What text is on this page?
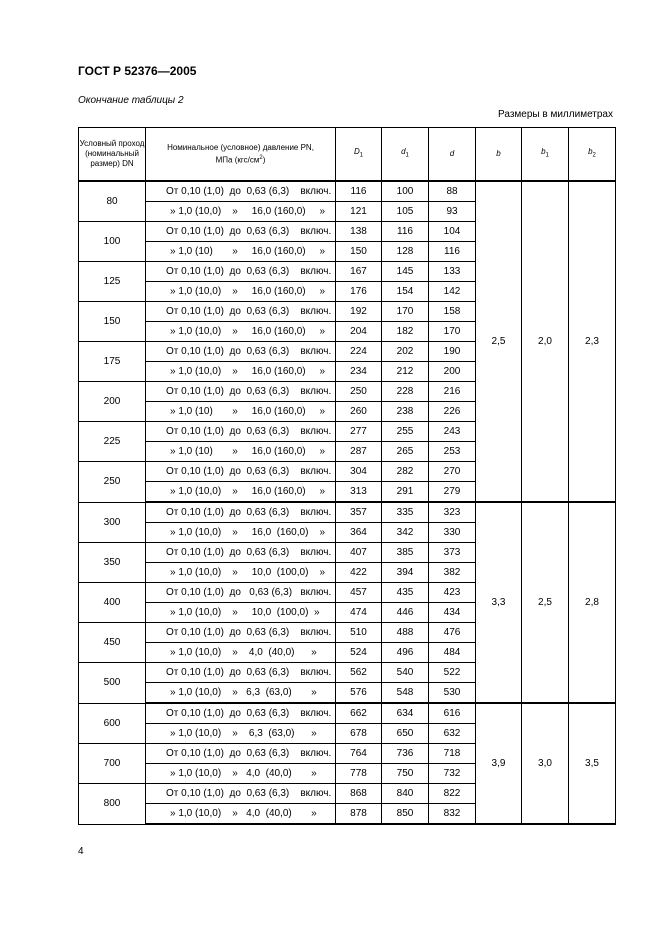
ГОСТ Р 52376—2005
Окончание таблицы 2
Размеры в миллиметрах
Условный проход (номинальный размер) DN	Номинальное (условное) давление PN,
МПа $(кгс/см^2)$	$D_1$	$d_1$	d	b	$b_1$	$b_2$
80	От 0,10 (1,0)  до  0,63 (6,3)    включ.	116	100	88	2,5	2,0	2,3
	» 1,0 (10,0)    »     16,0 (160,0)     »	121	105	93			
100	От 0,10 (1,0)  до  0,63 (6,3)    включ.	138	116	104			
	» 1,0 (10)       »     16,0 (160,0)     »	150	128	116			
125	От 0,10 (1,0)  до  0,63 (6,3)    включ.	167	145	133			
	» 1,0 (10,0)    »     16,0 (160,0)     »	176	154	142			
150	От 0,10 (1,0)  до  0,63 (6,3)    включ.	192	170	158			
	» 1,0 (10,0)    »     16,0 (160,0)     »	204	182	170			
175	От 0,10 (1,0)  до  0,63 (6,3)    включ.	224	202	190			
	» 1,0 (10,0)    »     16,0 (160,0)     »	234	212	200			
200	От 0,10 (1,0)  до  0,63 (6,3)    включ.	250	228	216			
	» 1,0 (10)       »     16,0 (160,0)     »	260	238	226			
225	От 0,10 (1,0)  до  0,63 (6,3)    включ.	277	255	243			
	» 1,0 (10)       »     16,0 (160,0)     »	287	265	253			
250	От 0,10 (1,0)  до  0,63 (6,3)    включ.	304	282	270			
	» 1,0 (10,0)    »     16,0 (160,0)     »	313	291	279			
300	От 0,10 (1,0)  до  0,63 (6,3)    включ.	357	335	323	3,3	2,5	2,8
	» 1,0 (10,0)    »     16,0  (160,0)    »	364	342	330			
350	От 0,10 (1,0)  до  0,63 (6,3)    включ.	407	385	373			
	» 1,0 (10,0)    »     10,0  (100,0)    »	422	394	382			
400	От 0,10 (1,0)  до   0,63 (6,3)   включ.	457	435	423			
	» 1,0 (10,0)    »     10,0  (100,0)  »	474	446	434			
450	От 0,10 (1,0)  до  0,63 (6,3)    включ.	510	488	476			
	» 1,0 (10,0)    »    4,0  (40,0)      »	524	496	484			
500	От 0,10 (1,0)  до  0,63 (6,3)    включ.	562	540	522			
	» 1,0 (10,0)    »   6,3  (63,0)       »	576	548	530			
600	От 0,10 (1,0)  до  0,63 (6,3)    включ.	662	634	616	3,9	3,0	3,5
	» 1,0 (10,0)    »    6,3  (63,0)      »	678	650	632			
700	От 0,10 (1,0)  до  0,63 (6,3)    включ.	764	736	718			
	» 1,0 (10,0)    »   4,0  (40,0)       »	778	750	732			
800	От 0,10 (1,0)  до  0,63 (6,3)    включ.	868	840	822			
	» 1,0 (10,0)    »   4,0  (40,0)       »	878	850	832			
4
